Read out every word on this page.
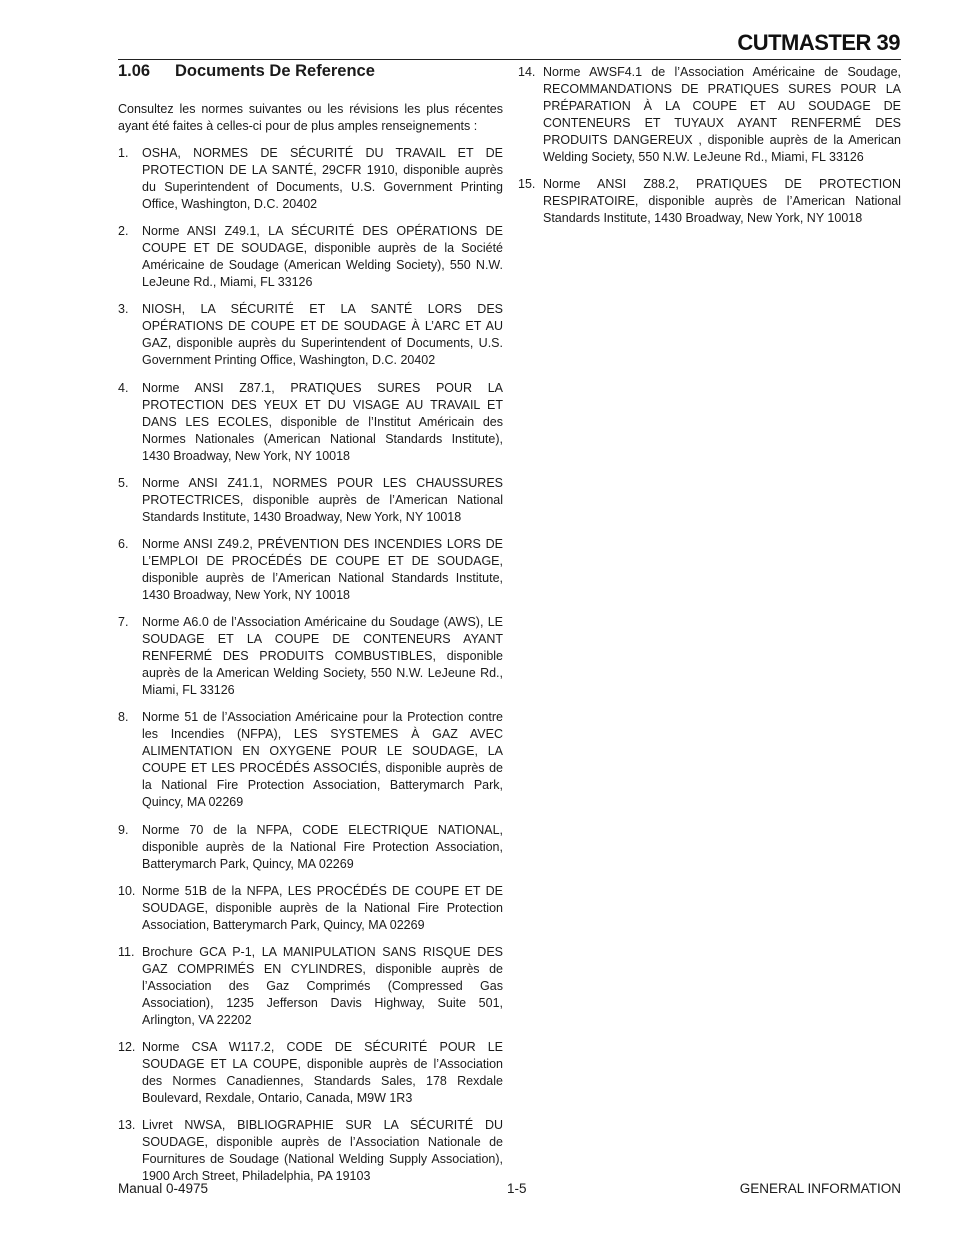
CUTMASTER 39
1.06 Documents De Reference

Consultez les normes suivantes ou les révisions les plus récentes ayant été faites à celles-ci pour de plus amples renseignements :

1.	OSHA, NORMES DE SÉCURITÉ DU TRAVAIL ET DE PROTECTION DE LA SANTÉ, 29CFR 1910, disponible auprès du Superintendent of Documents, U.S. Government Printing Office, Washington, D.C. 20402
2.	Norme ANSI Z49.1, LA SÉCURITÉ DES OPÉRATIONS DE COUPE ET DE SOUDAGE, disponible auprès de la Société Américaine de Soudage (American Welding Society), 550 N.W. LeJeune Rd., Miami, FL 33126
3.	NIOSH, LA SÉCURITÉ ET LA SANTÉ LORS DES OPÉRATIONS DE COUPE ET DE SOUDAGE À L’ARC ET AU GAZ, disponible auprès du Superintendent of Documents, U.S. Government Printing Office, Washington, D.C. 20402
4.	Norme ANSI Z87.1, PRATIQUES SURES POUR LA PROTECTION DES YEUX ET DU VISAGE AU TRAVAIL ET DANS LES ECOLES, disponible de l’Institut Américain des Normes Nationales (American National Standards Institute), 1430 Broadway, New York, NY 10018
5.	Norme ANSI Z41.1, NORMES POUR LES CHAUSSURES PROTECTRICES, disponible auprès de l’American National Standards Institute, 1430 Broadway, New York, NY 10018
6.	Norme ANSI Z49.2, PRÉVENTION DES INCENDIES LORS DE L’EMPLOI DE PROCÉDÉS DE COUPE ET DE SOUDAGE, disponible auprès de l’American National Standards Institute, 1430 Broadway, New York, NY 10018
7.	Norme A6.0 de l’Association Américaine du Soudage (AWS), LE SOUDAGE ET LA COUPE DE CONTENEURS AYANT RENFERMÉ DES PRODUITS COMBUSTIBLES, disponible auprès de la American Welding Society, 550 N.W. LeJeune Rd., Miami, FL 33126
8.	Norme 51 de l’Association Américaine pour la Protection contre les Incendies (NFPA), LES SYSTEMES À GAZ AVEC ALIMENTATION EN OXYGENE POUR LE SOUDAGE, LA COUPE ET LES PROCÉDÉS ASSOCIÉS, disponible auprès de la National Fire Protection Association, Batterymarch Park, Quincy, MA 02269
9.	Norme 70 de la NFPA, CODE ELECTRIQUE NATIONAL, disponible auprès de la National Fire Protection Association, Batterymarch Park, Quincy, MA 02269
10. Norme 51B de la NFPA, LES PROCÉDÉS DE COUPE ET DE SOUDAGE, disponible auprès de la National Fire Protection Association, Batterymarch Park, Quincy, MA 02269
11. Brochure GCA P-1, LA MANIPULATION SANS RISQUE DES GAZ COMPRIMÉS EN CYLINDRES, disponible auprès de l’Association des Gaz Comprimés (Compressed Gas Association), 1235 Jefferson Davis Highway, Suite 501, Arlington, VA 22202
12. Norme CSA W117.2, CODE DE SÉCURITÉ POUR LE SOUDAGE ET LA COUPE, disponible auprès de l’Association des Normes Canadiennes, Standards Sales, 178 Rexdale Boulevard, Rexdale, Ontario, Canada, M9W 1R3
13. Livret NWSA, BIBLIOGRAPHIE SUR LA SÉCURITÉ DU SOUDAGE, disponible auprès de l’Association Nationale de Fournitures de Soudage (National Welding Supply Association), 1900 Arch Street, Philadelphia, PA 19103
14. Norme AWSF4.1 de l’Association Américaine de Soudage, RECOMMANDATIONS DE PRATIQUES SURES POUR LA PRÉPARATION À LA COUPE ET AU SOUDAGE DE CONTENEURS ET TUYAUX AYANT RENFERMÉ DES PRODUITS DANGEREUX , disponible auprès de la American Welding Society, 550 N.W. LeJeune Rd., Miami, FL 33126
15. Norme ANSI Z88.2, PRATIQUES DE PROTECTION RESPIRATOIRE, disponible auprès de l’American National Standards Institute, 1430 Broadway, New York, NY 10018
Manual 0-4975	1-5	GENERAL INFORMATION
